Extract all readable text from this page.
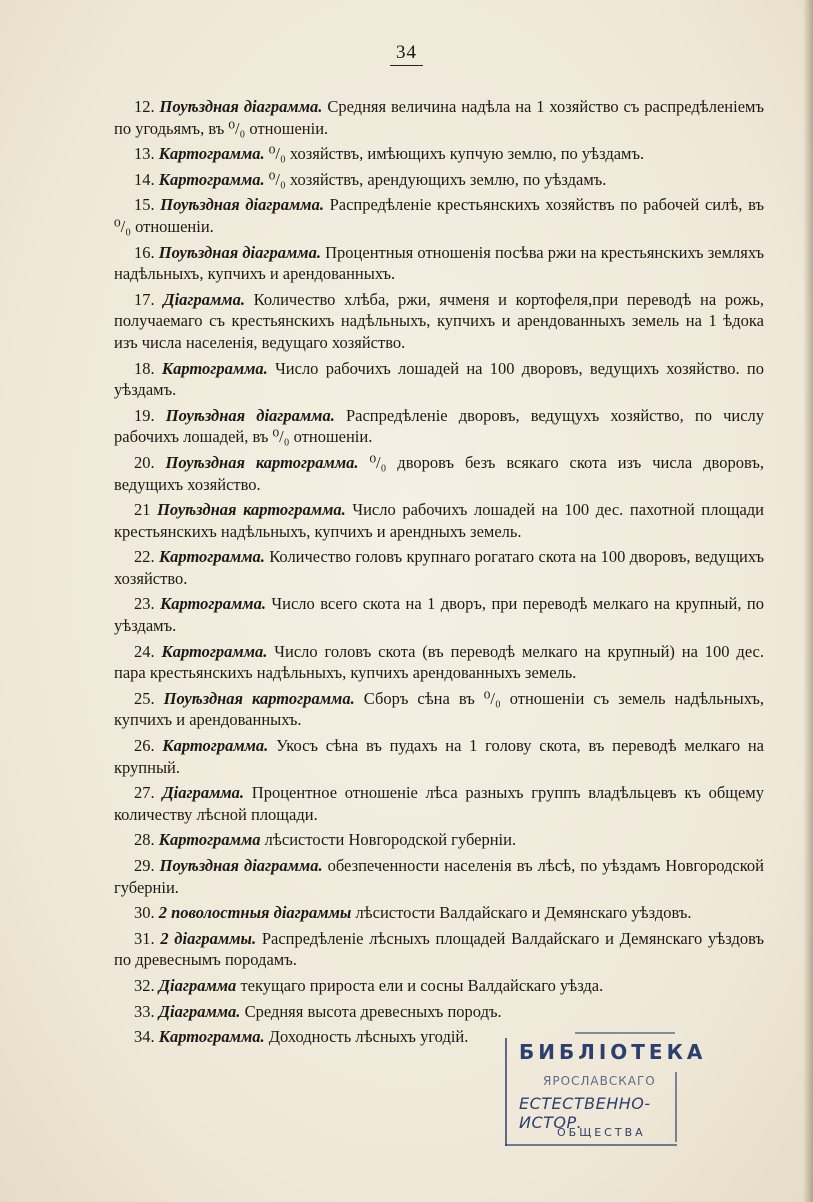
34

12. Поуѣздная діаграмма. Средняя величина надѣла на 1 хозяйство съ распредѣленіемъ по угодьямъ, въ ⁰/₀ отношеніи.

13. Картограмма. ⁰/₀ хозяйствъ, имѣющихъ купчую землю, по уѣздамъ.

14. Картограмма. ⁰/₀ хозяйствъ, арендующихъ землю, по уѣздамъ.

15. Поуѣздная діаграмма. Распредѣленіе крестьянскихъ хозяйствъ по рабочей силѣ, въ ⁰/₀ отношеніи.

16. Поуѣздная діаграмма. Процентныя отношенія посѣва ржи на крестьянскихъ земляхъ надѣльныхъ, купчихъ и арендованныхъ.

17. Діаграмма. Количество хлѣба, ржи, ячменя и кортофеля,при переводѣ на рожь, получаемаго съ крестьянскихъ надѣльныхъ, купчихъ и арендованныхъ земель на 1 ѣдока изъ числа населенія, ведущаго хозяйство.

18. Картограмма. Число рабочихъ лошадей на 100 дворовъ, ведущихъ хозяйство. по уѣздамъ.

19. Поуѣздная діаграмма. Распредѣленіе дворовъ, ведущухъ хозяйство, по числу рабочихъ лошадей, въ ⁰/₀ отношеніи.

20. Поуѣздная картограмма. ⁰/₀ дворовъ безъ всякаго скота изъ числа дворовъ, ведущихъ хозяйство.

21 Поуѣздная картограмма. Число рабочихъ лошадей на 100 дес. пахотной площади крестьянскихъ надѣльныхъ, купчихъ и арендныхъ земель.

22. Картограмма. Количество головъ крупнаго рогатаго скота на 100 дворовъ, ведущихъ хозяйство.

23. Картограмма. Число всего скота на 1 дворъ, при переводѣ мелкаго на крупный, по уѣздамъ.

24. Картограмма. Число головъ скота (въ переводѣ мелкаго на крупный) на 100 дес. пара крестьянскихъ надѣльныхъ, купчихъ арендованныхъ земель.

25. Поуѣздная картограмма. Сборъ сѣна въ ⁰/₀ отношеніи съ земель надѣльныхъ, купчихъ и арендованныхъ.

26. Картограмма. Укосъ сѣна въ пудахъ на 1 голову скота, въ переводѣ мелкаго на крупный.

27. Діаграмма. Процентное отношеніе лѣса разныхъ группъ владѣльцевъ къ общему количеству лѣсной площади.

28. Картограмма лѣсистости Новгородской губерніи.

29. Поуѣздная діаграмма. обезпеченности населенія въ лѣсѣ, по уѣздамъ Новгородской губерніи.

30. 2 поволостныя діаграммы лѣсистости Валдайскаго и Демянскаго уѣздовъ.

31. 2 діаграммы. Распредѣленіе лѣсныхъ площадей Валдайскаго и Демянскаго уѣздовъ по древеснымъ породамъ.

32. Діаграмма текущаго прироста ели и сосны Валдайскаго уѣзда.

33. Діаграмма. Средняя высота древесныхъ породъ.

34. Картограмма. Доходность лѣсныхъ угодій.

БИБЛІОТЕКА
ЯРОСЛАВСКАГО
ЕСТЕСТВЕННО-ИСТОР.
ОБЩЕСТВА
